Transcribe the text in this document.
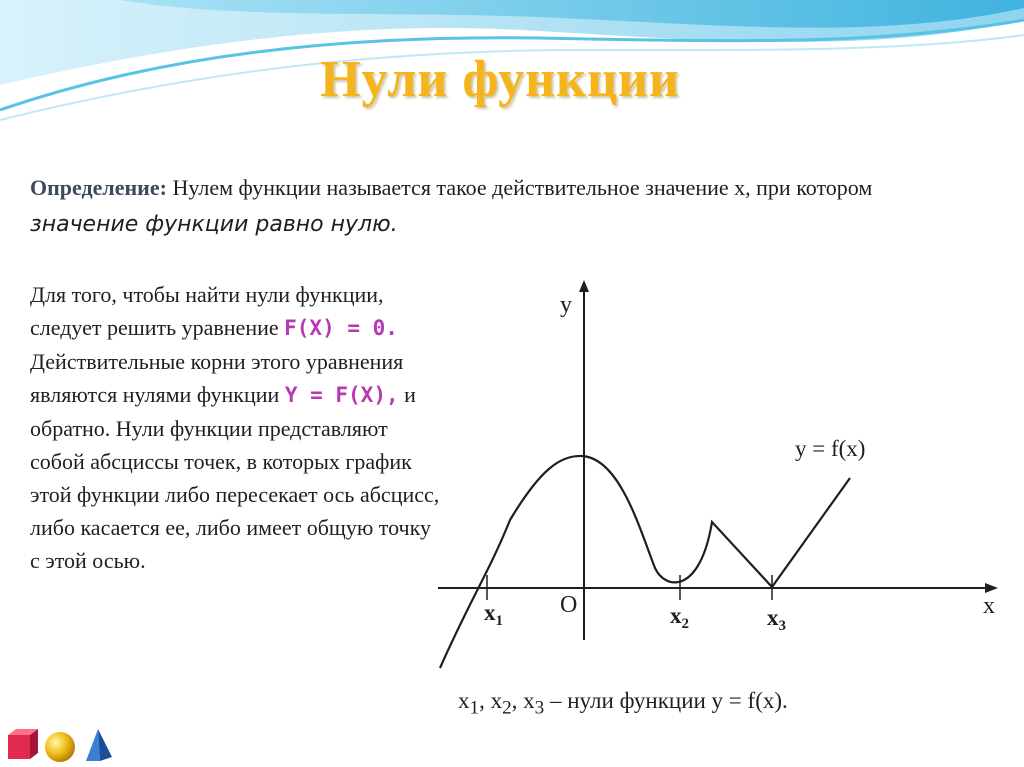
Нули функции
Определение: Нулем функции называется такое действительное значение x, при котором значение функции равно нулю.
Для того, чтобы найти нули функции, следует решить уравнение F(X) = 0. Действительные корни этого уравнения являются нулями функции Y = F(X), и обратно. Нули функции представляют собой абсциссы точек, в которых график этой функции либо пересекает ось абсцисс, либо касается ее, либо имеет общую точку с этой осью.
y
x
O
y = f(x)
$x_1$	$x_2$	$x_3$
$x_1$, $x_2$, $x_3$ – нули функции y = f(x).
